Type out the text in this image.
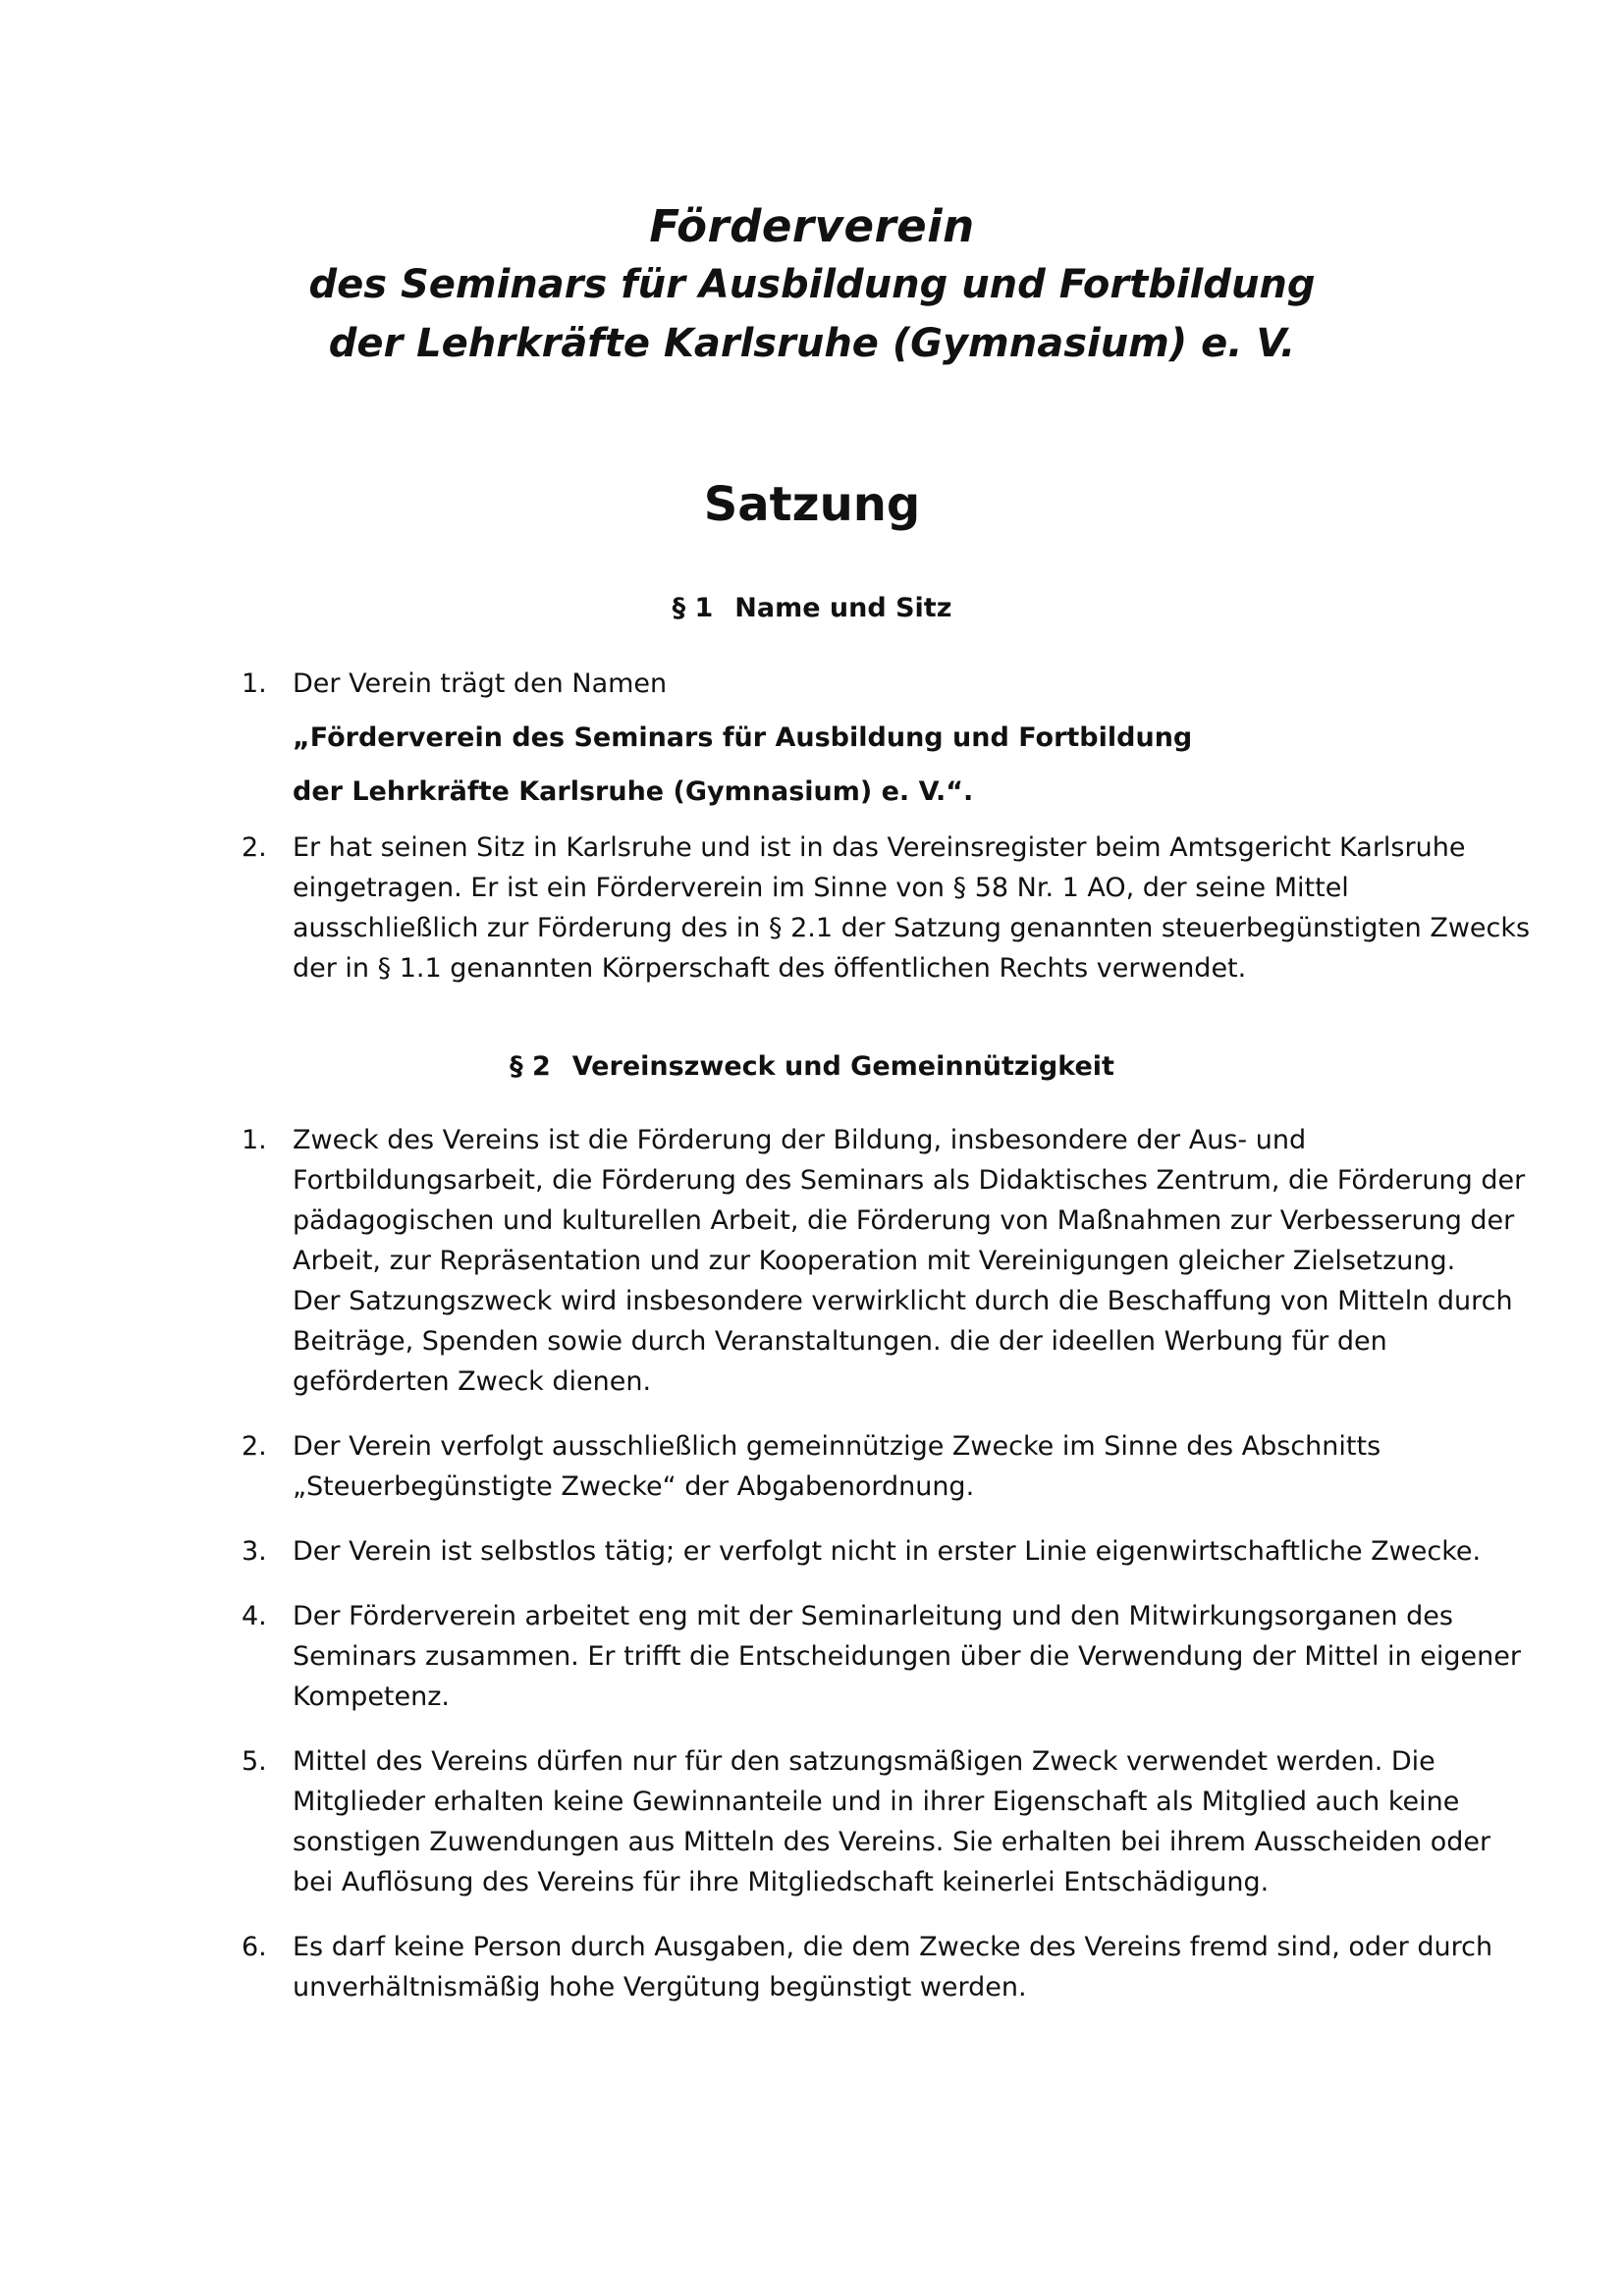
Förderverein
des Seminars für Ausbildung und Fortbildung
der Lehrkräfte Karlsruhe (Gymnasium) e. V.
Satzung
§ 1 Name und Sitz
1. Der Verein trägt den Namen

„Förderverein des Seminars für Ausbildung und Fortbildung
der Lehrkräfte Karlsruhe (Gymnasium) e. V.“.
2. Er hat seinen Sitz in Karlsruhe und ist in das Vereinsregister beim Amtsgericht Karlsruhe eingetragen. Er ist ein Förderverein im Sinne von § 58 Nr. 1 AO, der seine Mittel ausschließlich zur Förderung des in § 2.1 der Satzung genannten steuerbegünstigten Zwecks der in § 1.1 genannten Körperschaft des öffentlichen Rechts verwendet.

§ 2 Vereinszweck und Gemeinnützigkeit
1. Zweck des Vereins ist die Förderung der Bildung, insbesondere der Aus- und Fortbildungsarbeit, die Förderung des Seminars als Didaktisches Zentrum, die Förderung der pädagogischen und kulturellen Arbeit, die Förderung von Maßnahmen zur Verbesserung der Arbeit, zur Repräsentation und zur Kooperation mit Vereinigungen gleicher Zielsetzung.

Der Satzungszweck wird insbesondere verwirklicht durch die Beschaffung von Mitteln durch Beiträge, Spenden sowie durch Veranstaltungen. die der ideellen Werbung für den geförderten Zweck dienen.

2. Der Verein verfolgt ausschließlich gemeinnützige Zwecke im Sinne des Abschnitts „Steuerbegünstigte Zwecke“ der Abgabenordnung.

3. Der Verein ist selbstlos tätig; er verfolgt nicht in erster Linie eigenwirtschaftliche Zwecke.

4. Der Förderverein arbeitet eng mit der Seminarleitung und den Mitwirkungsorganen des Seminars zusammen. Er trifft die Entscheidungen über die Verwendung der Mittel in eigener Kompetenz.

5. Mittel des Vereins dürfen nur für den satzungsmäßigen Zweck verwendet werden. Die Mitglieder erhalten keine Gewinnanteile und in ihrer Eigenschaft als Mitglied auch keine sonstigen Zuwendungen aus Mitteln des Vereins. Sie erhalten bei ihrem Ausscheiden oder bei Auflösung des Vereins für ihre Mitgliedschaft keinerlei Entschädigung.

6. Es darf keine Person durch Ausgaben, die dem Zwecke des Vereins fremd sind, oder durch unverhältnismäßig hohe Vergütung begünstigt werden.
